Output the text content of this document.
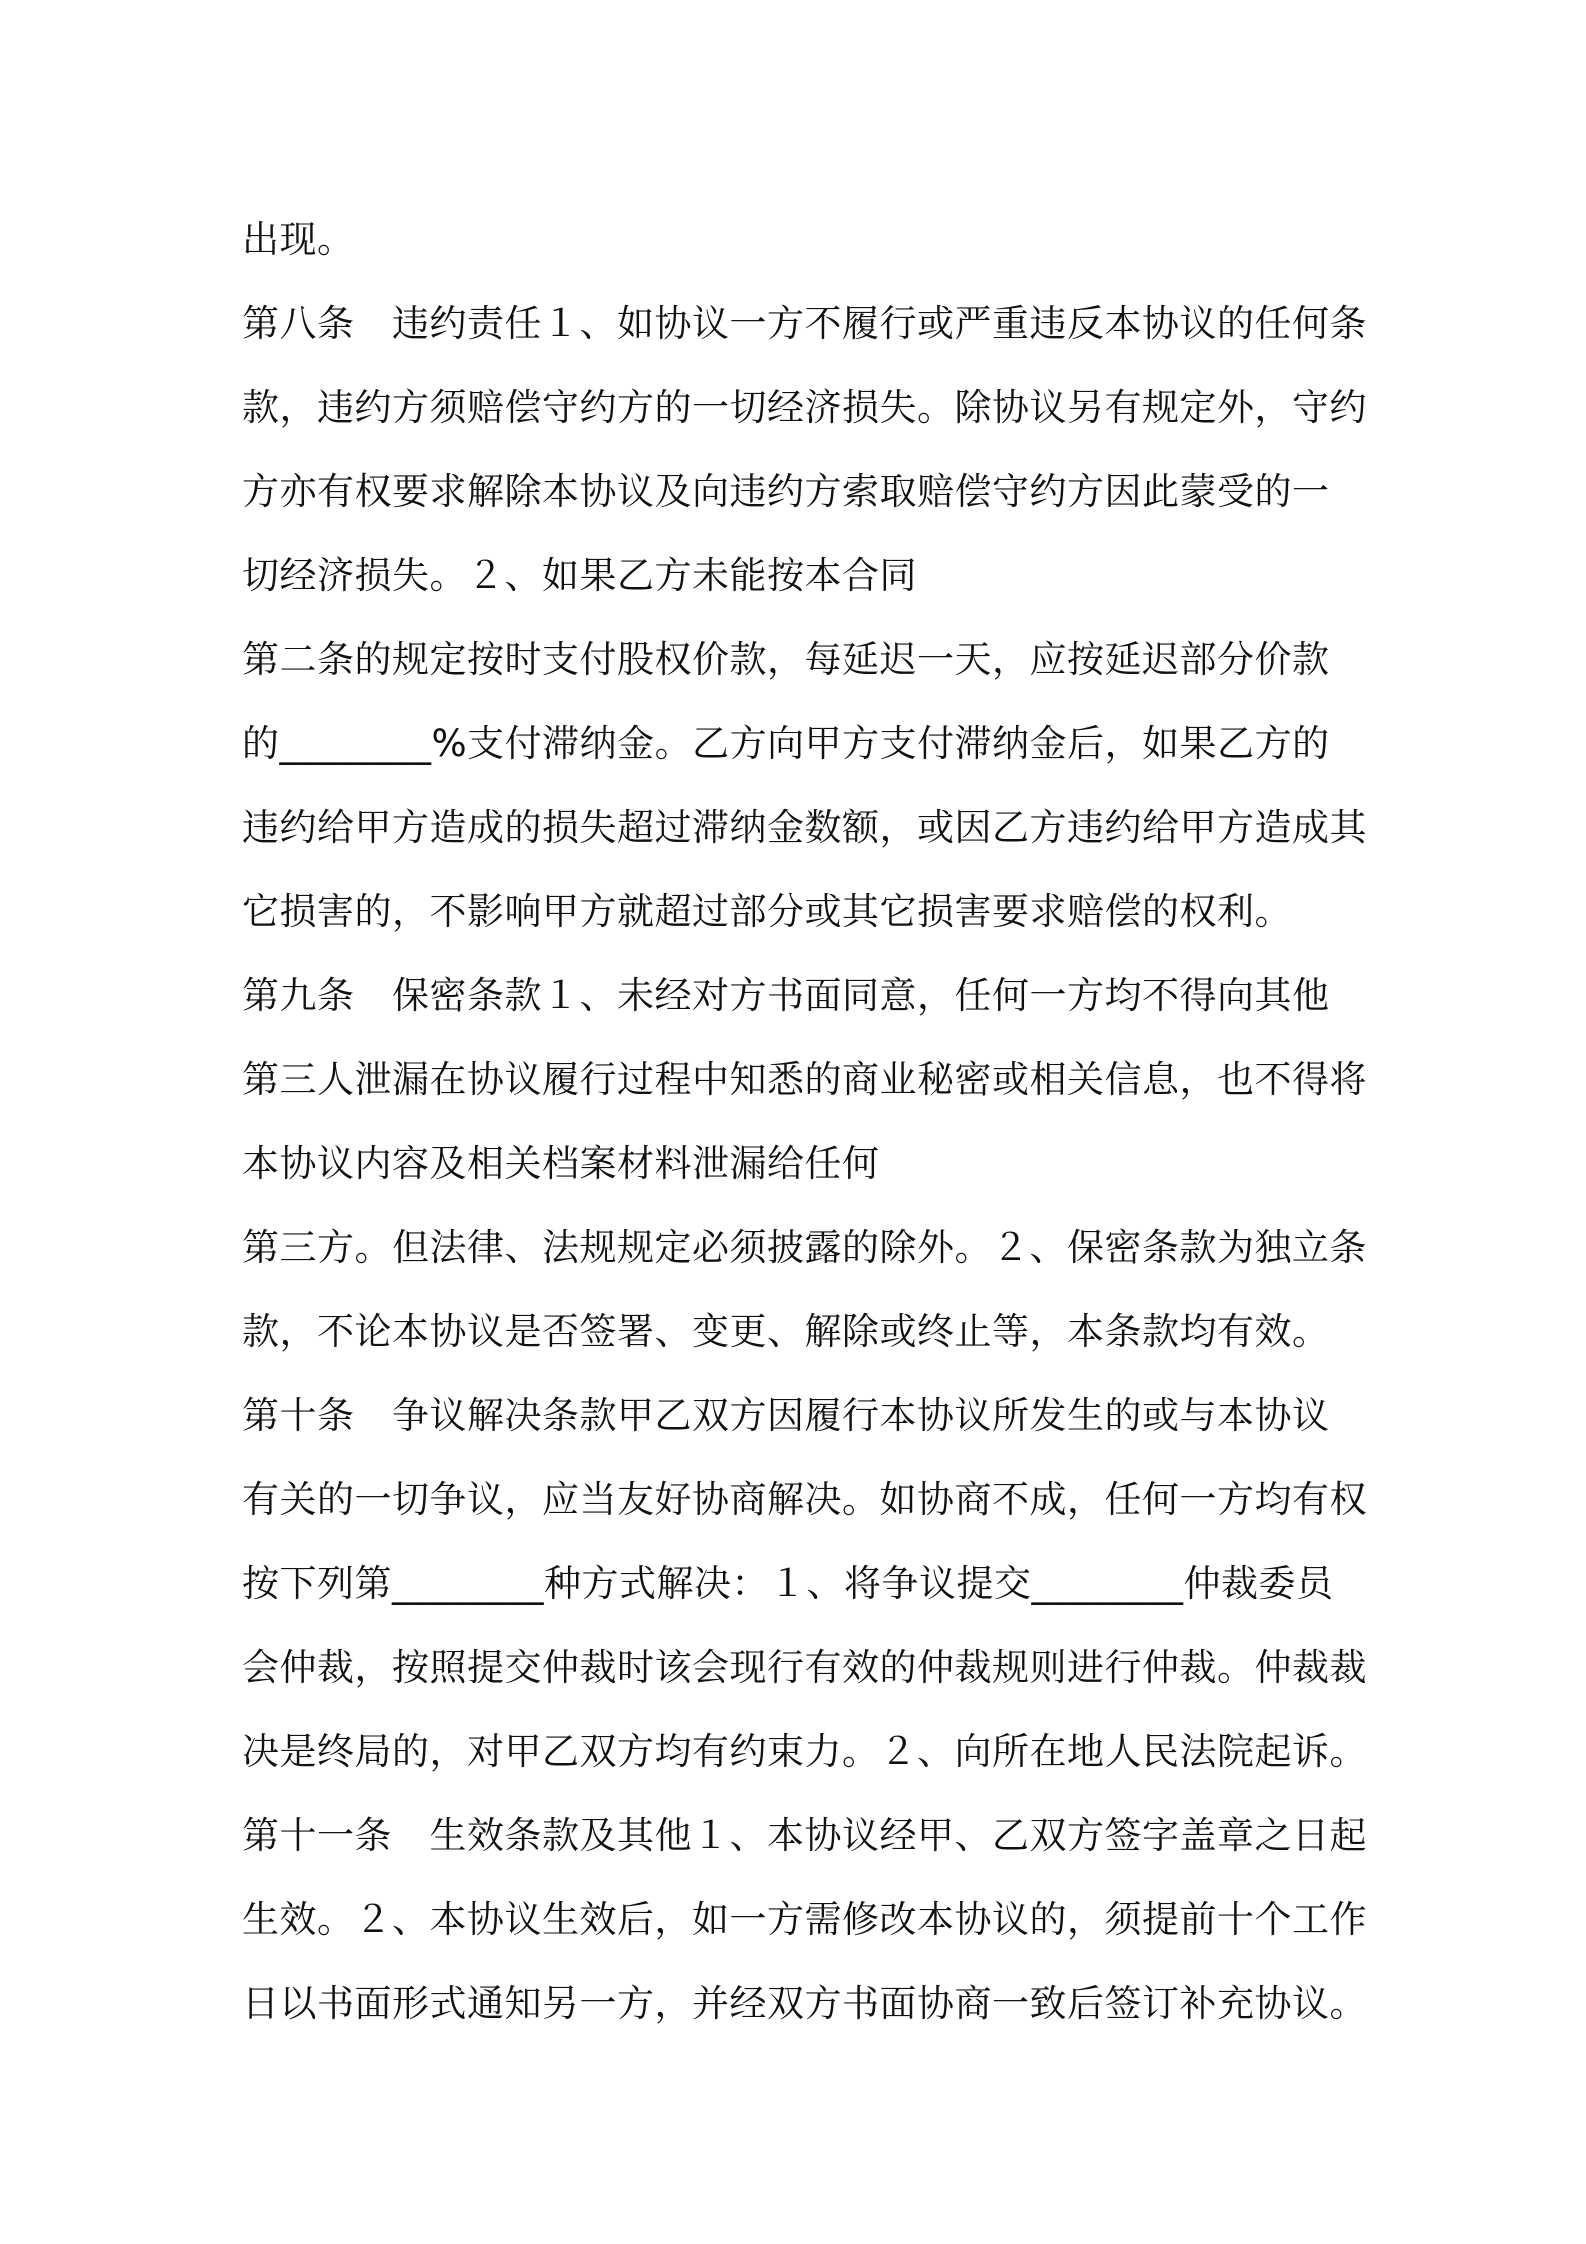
出现。

第八条　违约责任１、如协议一方不履行或严重违反本协议的任何条

款，违约方须赔偿守约方的一切经济损失。除协议另有规定外，守约

方亦有权要求解除本协议及向违约方索取赔偿守约方因此蒙受的一

切经济损失。２、如果乙方未能按本合同

第二条的规定按时支付股权价款，每延迟一天，应按延迟部分价款

的________%支付滞纳金。乙方向甲方支付滞纳金后，如果乙方的

违约给甲方造成的损失超过滞纳金数额，或因乙方违约给甲方造成其

它损害的，不影响甲方就超过部分或其它损害要求赔偿的权利。

第九条　保密条款１、未经对方书面同意，任何一方均不得向其他

第三人泄漏在协议履行过程中知悉的商业秘密或相关信息，也不得将

本协议内容及相关档案材料泄漏给任何

第三方。但法律、法规规定必须披露的除外。２、保密条款为独立条

款，不论本协议是否签署、变更、解除或终止等，本条款均有效。

第十条　争议解决条款甲乙双方因履行本协议所发生的或与本协议

有关的一切争议，应当友好协商解决。如协商不成，任何一方均有权

按下列第________种方式解决：１、将争议提交________仲裁委员

会仲裁，按照提交仲裁时该会现行有效的仲裁规则进行仲裁。仲裁裁

决是终局的，对甲乙双方均有约束力。２、向所在地人民法院起诉。

第十一条　生效条款及其他１、本协议经甲、乙双方签字盖章之日起

生效。２、本协议生效后，如一方需修改本协议的，须提前十个工作

日以书面形式通知另一方，并经双方书面协商一致后签订补充协议。
